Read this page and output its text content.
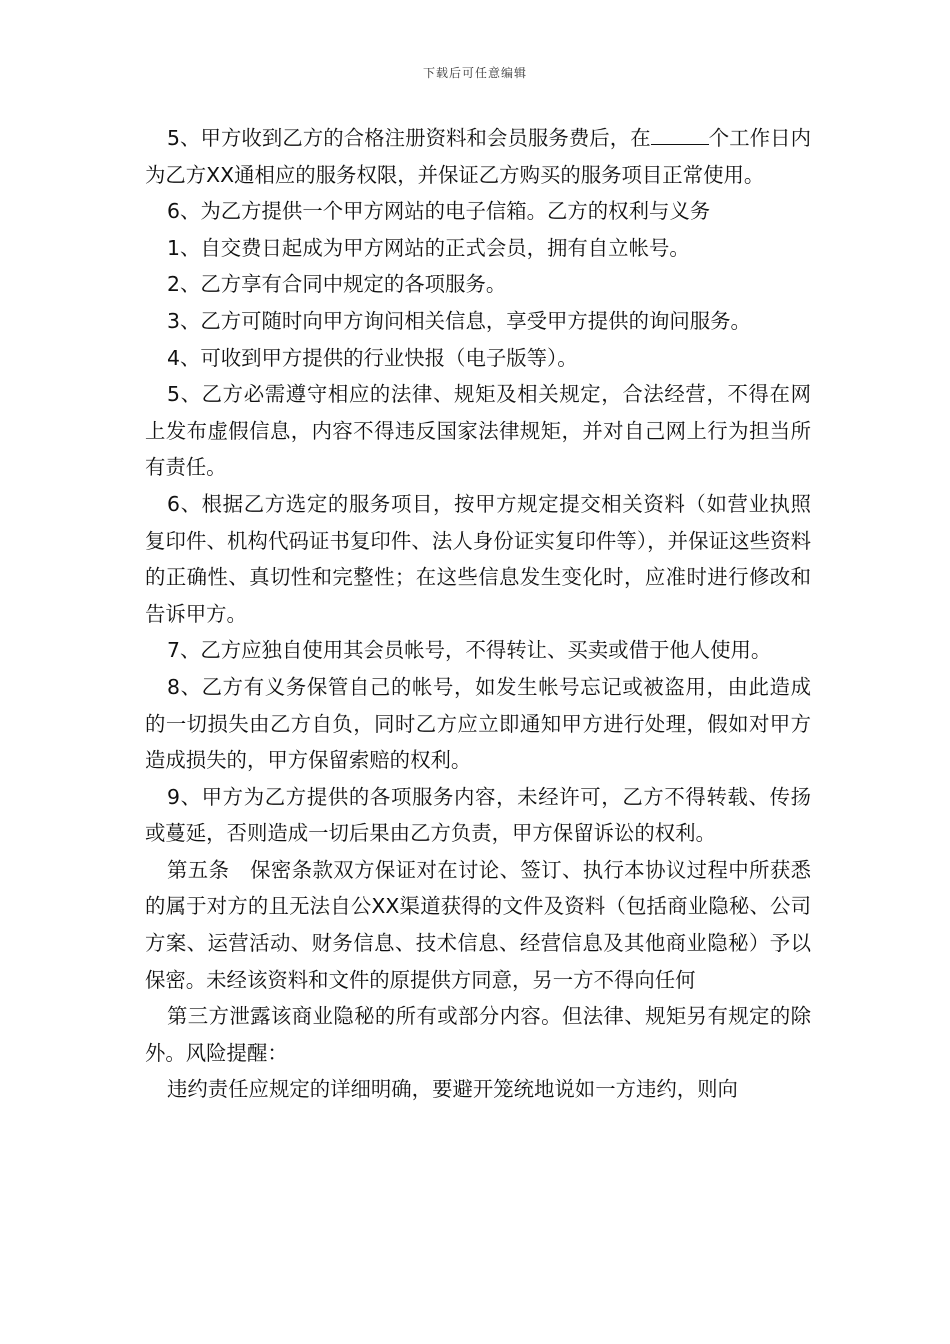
下载后可任意编辑

5、甲方收到乙方的合格注册资料和会员服务费后，在	个工作日内为乙方XX通相应的服务权限，并保证乙方购买的服务项目正常使用。

6、为乙方提供一个甲方网站的电子信箱。乙方的权利与义务

1、自交费日起成为甲方网站的正式会员，拥有自立帐号。

2、乙方享有合同中规定的各项服务。

3、乙方可随时向甲方询问相关信息，享受甲方提供的询问服务。

4、可收到甲方提供的行业快报（电子版等）。

5、乙方必需遵守相应的法律、规矩及相关规定，合法经营，不得在网上发布虚假信息，内容不得违反国家法律规矩，并对自己网上行为担当所有责任。

6、根据乙方选定的服务项目，按甲方规定提交相关资料（如营业执照复印件、机构代码证书复印件、法人身份证实复印件等），并保证这些资料的正确性、真切性和完整性；在这些信息发生变化时，应准时进行修改和告诉甲方。

7、乙方应独自使用其会员帐号，不得转让、买卖或借于他人使用。

8、乙方有义务保管自己的帐号，如发生帐号忘记或被盗用，由此造成的一切损失由乙方自负，同时乙方应立即通知甲方进行处理，假如对甲方造成损失的，甲方保留索赔的权利。

9、甲方为乙方提供的各项服务内容，未经许可，乙方不得转载、传扬或蔓延，否则造成一切后果由乙方负责，甲方保留诉讼的权利。

第五条　保密条款双方保证对在讨论、签订、执行本协议过程中所获悉的属于对方的且无法自公XX渠道获得的文件及资料（包括商业隐秘、公司方案、运营活动、财务信息、技术信息、经营信息及其他商业隐秘）予以保密。未经该资料和文件的原提供方同意，另一方不得向任何

第三方泄露该商业隐秘的所有或部分内容。但法律、规矩另有规定的除外。风险提醒：

违约责任应规定的详细明确，要避开笼统地说如一方违约，则向
